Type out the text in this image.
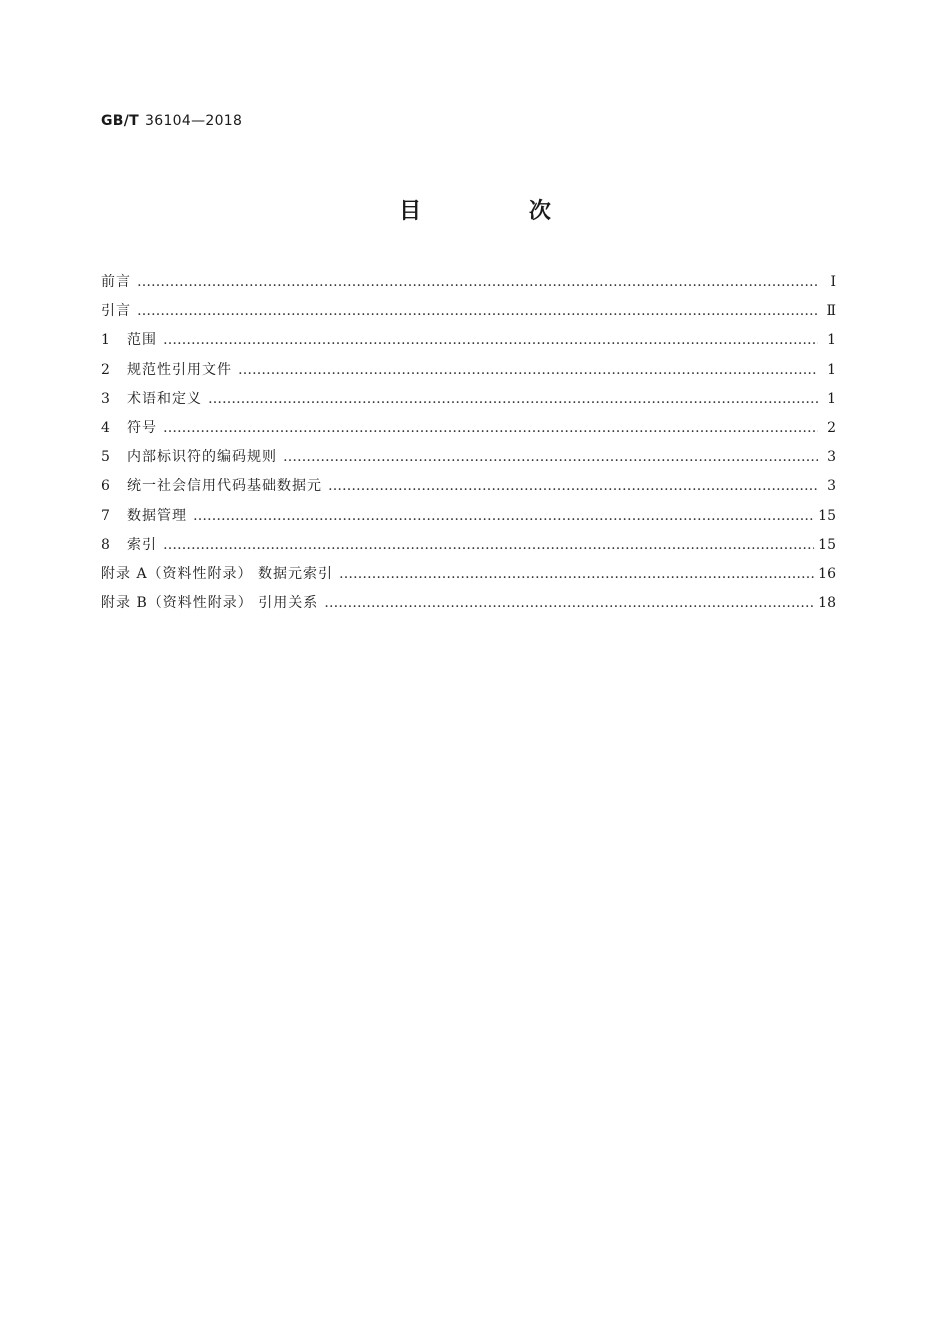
GB/T 36104—2018
目 次
前言 ………………………………………………………………………………………………………………………………………………………………………………………………………………………………	Ⅰ
引言 ………………………………………………………………………………………………………………………………………………………………………………………………………………………………	Ⅱ
1	范围 ………………………………………………………………………………………………………………………………………………………………………………………………………………………………	1
2	规范性引用文件 ………………………………………………………………………………………………………………………………………………………………………………………………………………………………	1
3	术语和定义 ………………………………………………………………………………………………………………………………………………………………………………………………………………………………	1
4	符号 ………………………………………………………………………………………………………………………………………………………………………………………………………………………………	2
5	内部标识符的编码规则 ………………………………………………………………………………………………………………………………………………………………………………………………………………………………	3
6	统一社会信用代码基础数据元 ………………………………………………………………………………………………………………………………………………………………………………………………………………………………	3
7	数据管理 ………………………………………………………………………………………………………………………………………………………………………………………………………………………………	15
8	索引 ………………………………………………………………………………………………………………………………………………………………………………………………………………………………	15
附录 A（资料性附录） 数据元索引 ………………………………………………………………………………………………………………………………………………………………………………………………………………………………	16
附录 B（资料性附录） 引用关系 ………………………………………………………………………………………………………………………………………………………………………………………………………………………………	18
